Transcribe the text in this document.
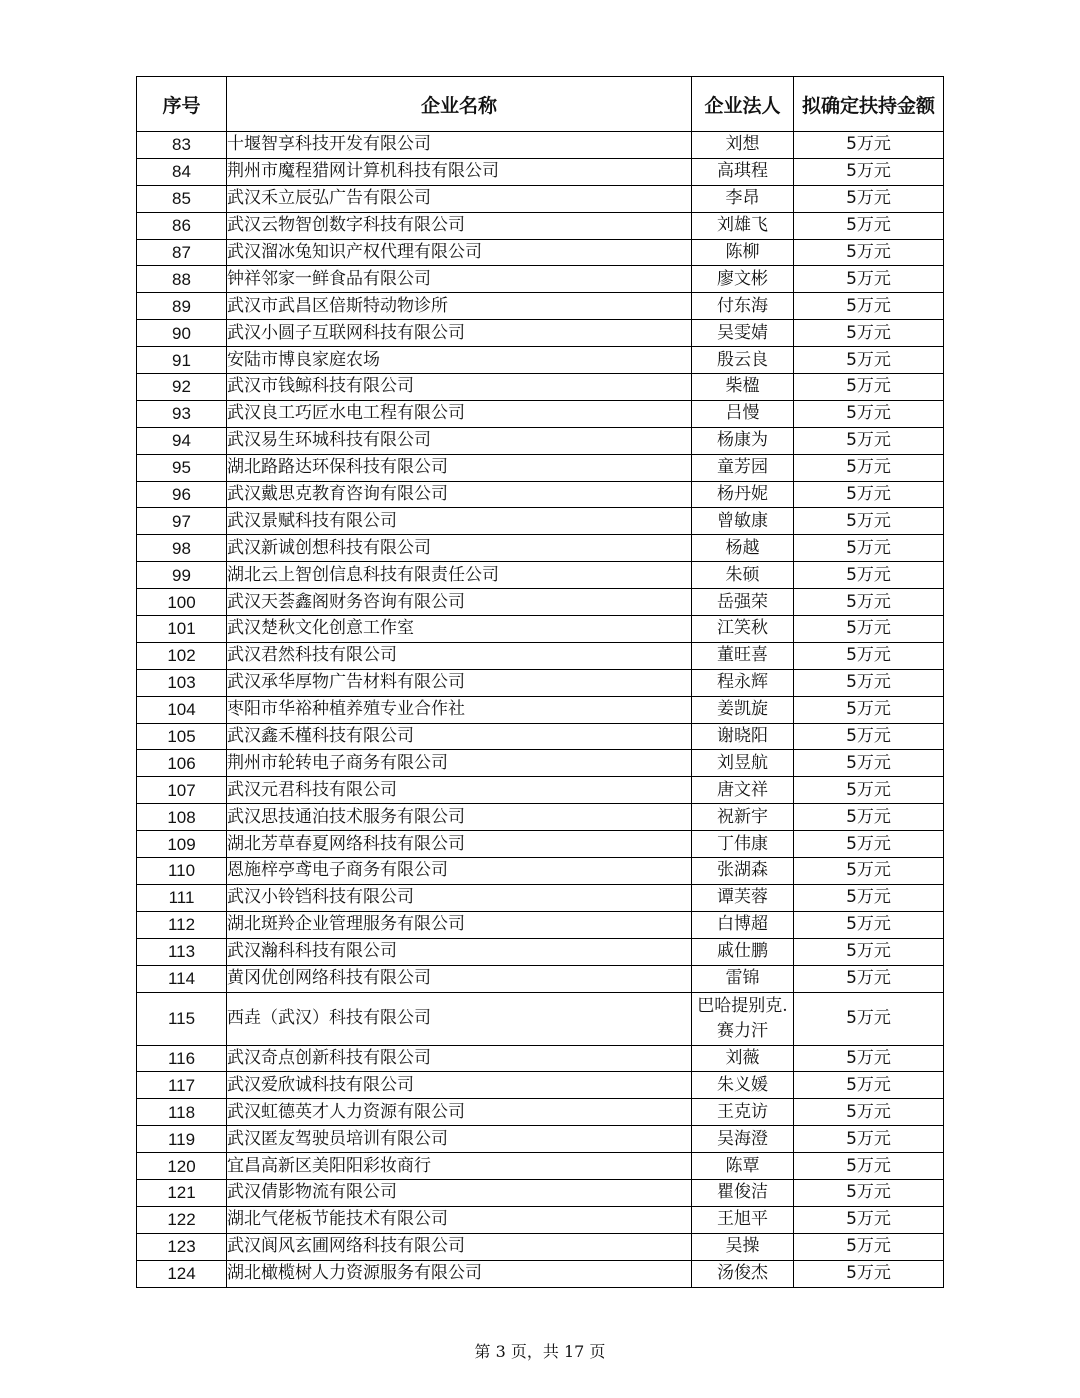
序号	企业名称	企业法人	拟确定扶持金额
83	十堰智享科技开发有限公司	刘想	5万元
84	荆州市魔程猎网计算机科技有限公司	高琪程	5万元
85	武汉禾立辰弘广告有限公司	李昂	5万元
86	武汉云物智创数字科技有限公司	刘雄飞	5万元
87	武汉溜冰兔知识产权代理有限公司	陈柳	5万元
88	钟祥邻家一鲜食品有限公司	廖文彬	5万元
89	武汉市武昌区倍斯特动物诊所	付东海	5万元
90	武汉小圆子互联网科技有限公司	吴雯婧	5万元
91	安陆市博良家庭农场	殷云良	5万元
92	武汉市钱鲸科技有限公司	柴楹	5万元
93	武汉良工巧匠水电工程有限公司	吕慢	5万元
94	武汉易生环城科技有限公司	杨康为	5万元
95	湖北路路达环保科技有限公司	童芳园	5万元
96	武汉戴思克教育咨询有限公司	杨丹妮	5万元
97	武汉景赋科技有限公司	曾敏康	5万元
98	武汉新诚创想科技有限公司	杨越	5万元
99	湖北云上智创信息科技有限责任公司	朱硕	5万元
100	武汉天荟鑫阁财务咨询有限公司	岳强荣	5万元
101	武汉楚秋文化创意工作室	江笑秋	5万元
102	武汉君然科技有限公司	董旺喜	5万元
103	武汉承华厚物广告材料有限公司	程永辉	5万元
104	枣阳市华裕种植养殖专业合作社	姜凯旋	5万元
105	武汉鑫禾槿科技有限公司	谢晓阳	5万元
106	荆州市轮转电子商务有限公司	刘昱航	5万元
107	武汉元君科技有限公司	唐文祥	5万元
108	武汉思技通泊技术服务有限公司	祝新宇	5万元
109	湖北芳草春夏网络科技有限公司	丁伟康	5万元
110	恩施梓亭鸢电子商务有限公司	张湖森	5万元
111	武汉小铃铛科技有限公司	谭芙蓉	5万元
112	湖北斑羚企业管理服务有限公司	白博超	5万元
113	武汉瀚科科技有限公司	戚仕鹏	5万元
114	黄冈优创网络科技有限公司	雷锦	5万元
115	西垚（武汉）科技有限公司	巴哈提别克.赛力汗	5万元
116	武汉奇点创新科技有限公司	刘薇	5万元
117	武汉爱欣诚科技有限公司	朱义媛	5万元
118	武汉虹德英才人力资源有限公司	王克访	5万元
119	武汉匿友驾驶员培训有限公司	吴海澄	5万元
120	宜昌高新区美阳阳彩妆商行	陈覃	5万元
121	武汉倩影物流有限公司	瞿俊洁	5万元
122	湖北气佬板节能技术有限公司	王旭平	5万元
123	武汉阆风玄圃网络科技有限公司	吴操	5万元
124	湖北橄榄树人力资源服务有限公司	汤俊杰	5万元
第 3 页，共 17 页
